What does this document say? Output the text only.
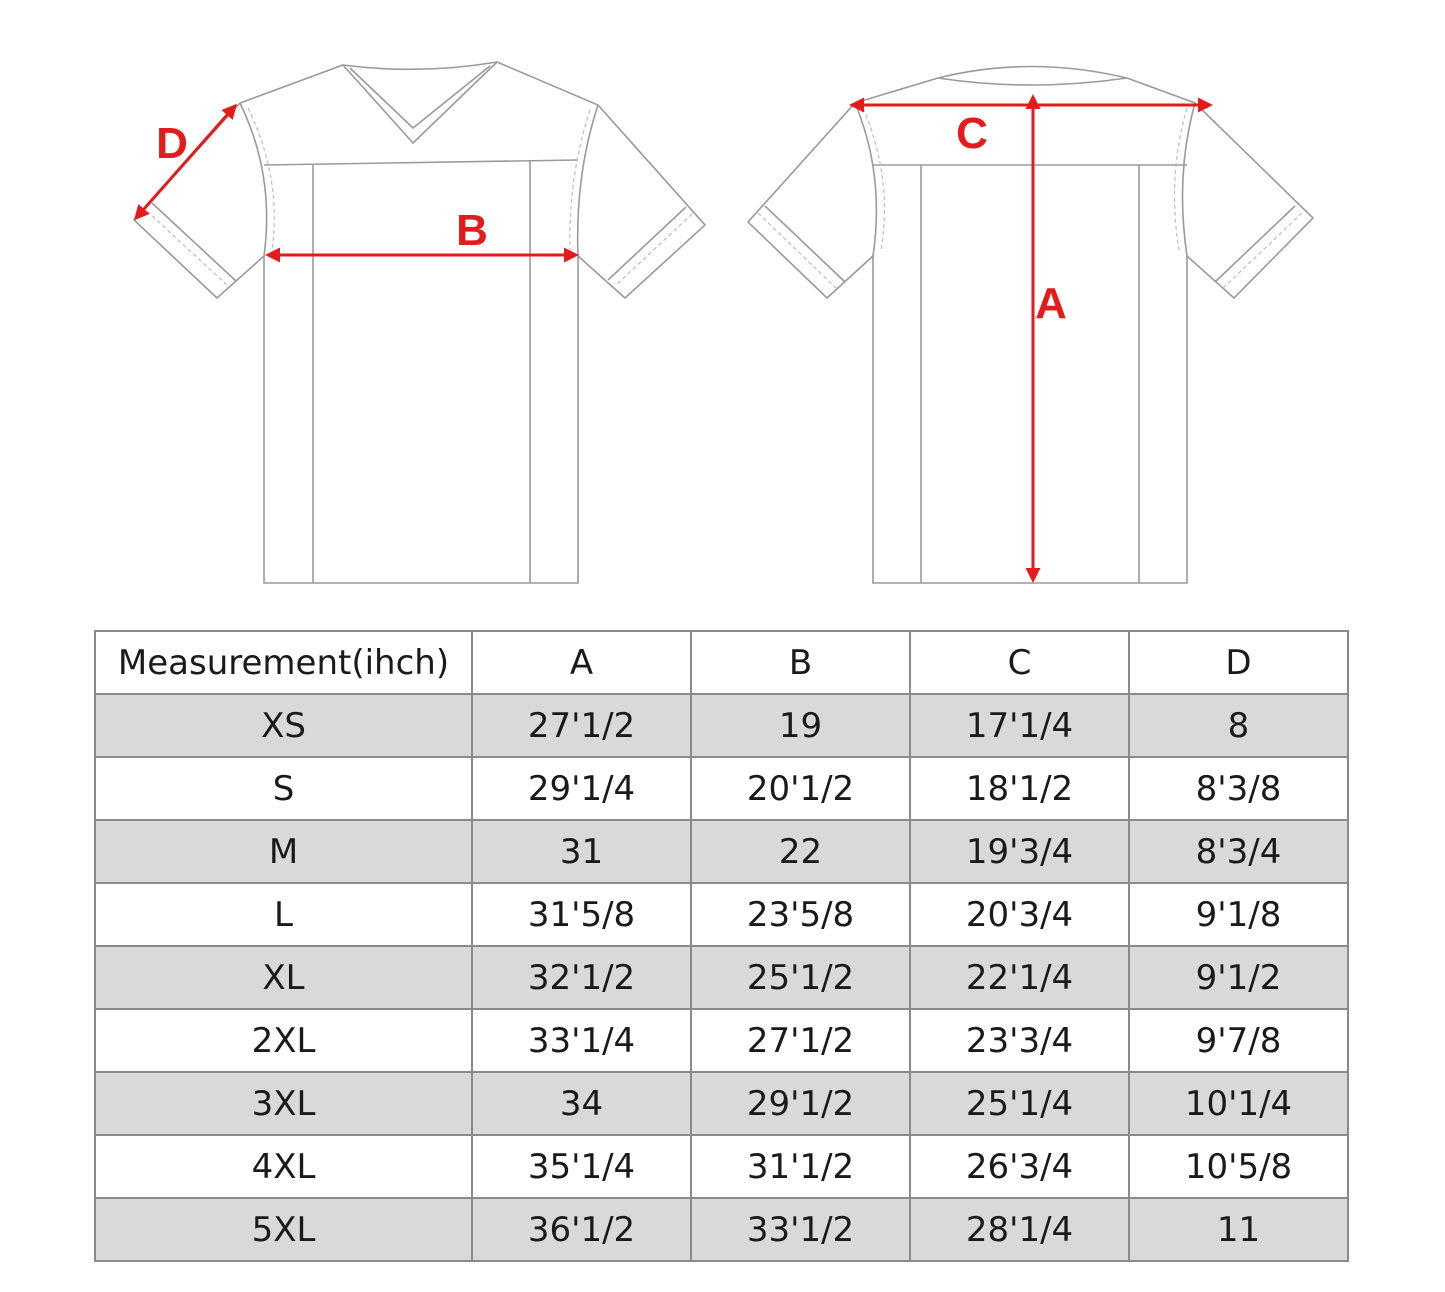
B
D	C
A
Measurement(ihch)	A	B	C	D
XS	27'1/2	19	17'1/4	8
S	29'1/4	20'1/2	18'1/2	8'3/8
M	31	22	19'3/4	8'3/4
L	31'5/8	23'5/8	20'3/4	9'1/8
XL	32'1/2	25'1/2	22'1/4	9'1/2
2XL	33'1/4	27'1/2	23'3/4	9'7/8
3XL	34	29'1/2	25'1/4	10'1/4
4XL	35'1/4	31'1/2	26'3/4	10'5/8
5XL	36'1/2	33'1/2	28'1/4	11
